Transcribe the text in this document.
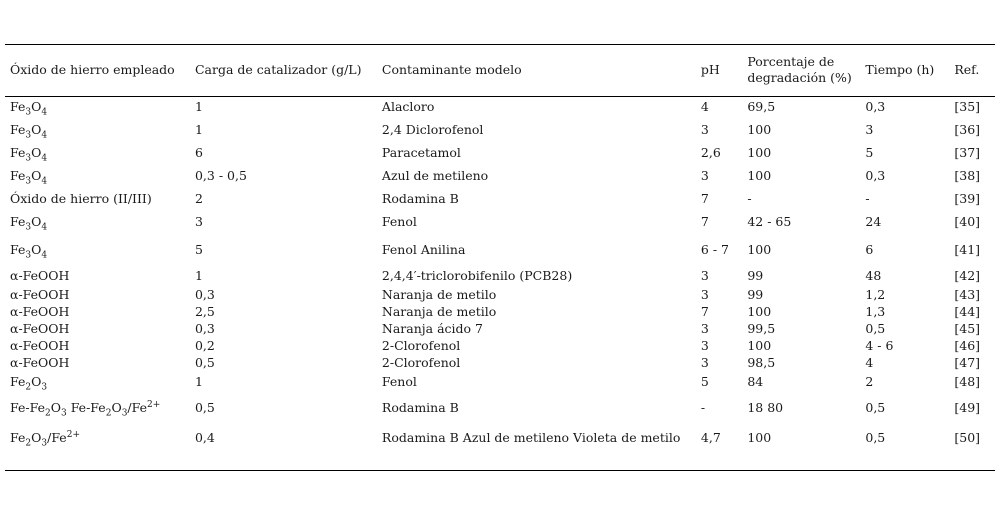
Óxido de hierro empleado	Carga de catalizador (g/L)	Contaminante modelo	pH	Porcentaje de degradación (%)	Tiempo (h)	Ref.
$Fe_3O_4$	1	Alacloro	4	69,5	0,3	[35]
$Fe_3O_4$	1	2,4 Diclorofenol	3	100	3	[36]
$Fe_3O_4$	6	Paracetamol	2,6	100	5	[37]
$Fe_3O_4$	0,3 - 0,5	Azul de metileno	3	100	0,3	[38]
Óxido de hierro (II/III)	2	Rodamina B	7	-	-	[39]
$Fe_3O_4$	3	Fenol	7	42 - 65	24	[40]
$Fe_3O_4$	5	Fenol Anilina	6 - 7	100	6	[41]
α-FeOOH	1	2,4,4′-triclorobifenilo (PCB28)	3	99	48	[42]
α-FeOOH	0,3	Naranja de metilo	3	99	1,2	[43]
α-FeOOH	2,5	Naranja de metilo	7	100	1,3	[44]
α-FeOOH	0,3	Naranja ácido 7	3	99,5	0,5	[45]
α-FeOOH	0,2	2-Clorofenol	3	100	4 - 6	[46]
α-FeOOH	0,5	2-Clorofenol	3	98,5	4	[47]
$Fe_2O_3$	1	Fenol	5	84	2	[48]
$Fe-Fe_2O_3$ $Fe-Fe_2O_3/Fe^{2+}$	0,5	Rodamina B	-	18 80	0,5	[49]
$Fe_2O_3/Fe^{2+}$	0,4	Rodamina B Azul de metileno Violeta de metilo	4,7	100	0,5	[50]
